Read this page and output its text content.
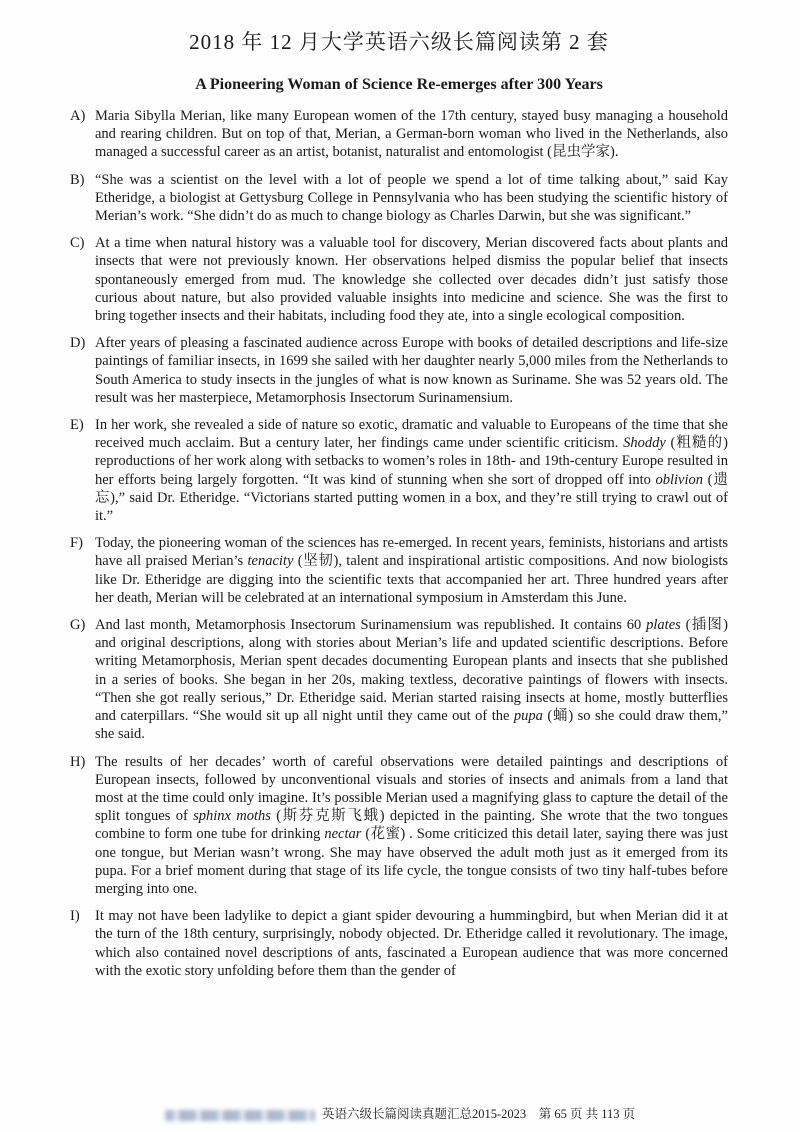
2018 年 12 月大学英语六级长篇阅读第 2 套
A Pioneering Woman of Science Re-emerges after 300 Years
A) Maria Sibylla Merian, like many European women of the 17th century, stayed busy managing a household and rearing children. But on top of that, Merian, a German-born woman who lived in the Netherlands, also managed a successful career as an artist, botanist, naturalist and entomologist (昆虫学家).
B) “She was a scientist on the level with a lot of people we spend a lot of time talking about,” said Kay Etheridge, a biologist at Gettysburg College in Pennsylvania who has been studying the scientific history of Merian’s work. “She didn’t do as much to change biology as Charles Darwin, but she was significant.”
C) At a time when natural history was a valuable tool for discovery, Merian discovered facts about plants and insects that were not previously known. Her observations helped dismiss the popular belief that insects spontaneously emerged from mud. The knowledge she collected over decades didn’t just satisfy those curious about nature, but also provided valuable insights into medicine and science. She was the first to bring together insects and their habitats, including food they ate, into a single ecological composition.
D) After years of pleasing a fascinated audience across Europe with books of detailed descriptions and life-size paintings of familiar insects, in 1699 she sailed with her daughter nearly 5,000 miles from the Netherlands to South America to study insects in the jungles of what is now known as Suriname. She was 52 years old. The result was her masterpiece, Metamorphosis Insectorum Surinamensium.
E) In her work, she revealed a side of nature so exotic, dramatic and valuable to Europeans of the time that she received much acclaim. But a century later, her findings came under scientific criticism. Shoddy (粗糙的) reproductions of her work along with setbacks to women’s roles in 18th- and 19th-century Europe resulted in her efforts being largely forgotten. “It was kind of stunning when she sort of dropped off into oblivion (遗忘),” said Dr. Etheridge. “Victorians started putting women in a box, and they’re still trying to crawl out of it.”
F) Today, the pioneering woman of the sciences has re-emerged. In recent years, feminists, historians and artists have all praised Merian’s tenacity (坚韧), talent and inspirational artistic compositions. And now biologists like Dr. Etheridge are digging into the scientific texts that accompanied her art. Three hundred years after her death, Merian will be celebrated at an international symposium in Amsterdam this June.
G) And last month, Metamorphosis Insectorum Surinamensium was republished. It contains 60 plates (插图) and original descriptions, along with stories about Merian’s life and updated scientific descriptions. Before writing Metamorphosis, Merian spent decades documenting European plants and insects that she published in a series of books. She began in her 20s, making textless, decorative paintings of flowers with insects. “Then she got really serious,” Dr. Etheridge said. Merian started raising insects at home, mostly butterflies and caterpillars. “She would sit up all night until they came out of the pupa (蛹) so she could draw them,” she said.
H) The results of her decades’ worth of careful observations were detailed paintings and descriptions of European insects, followed by unconventional visuals and stories of insects and animals from a land that most at the time could only imagine. It’s possible Merian used a magnifying glass to capture the detail of the split tongues of sphinx moths (斯芬克斯飞蛾) depicted in the painting. She wrote that the two tongues combine to form one tube for drinking nectar (花蜜) . Some criticized this detail later, saying there was just one tongue, but Merian wasn’t wrong. She may have observed the adult moth just as it emerged from its pupa. For a brief moment during that stage of its life cycle, the tongue consists of two tiny half-tubes before merging into one.
I)	It may not have been ladylike to depict a giant spider devouring a hummingbird, but when Merian did it at the turn of the 18th century, surprisingly, nobody objected. Dr. Etheridge called it revolutionary. The image, which also contained novel descriptions of ants, fascinated a European audience that was more concerned with the exotic story unfolding before them than the gender of
英语六级长篇阅读真题汇总2015-2023 第 65 页 共 113 页
